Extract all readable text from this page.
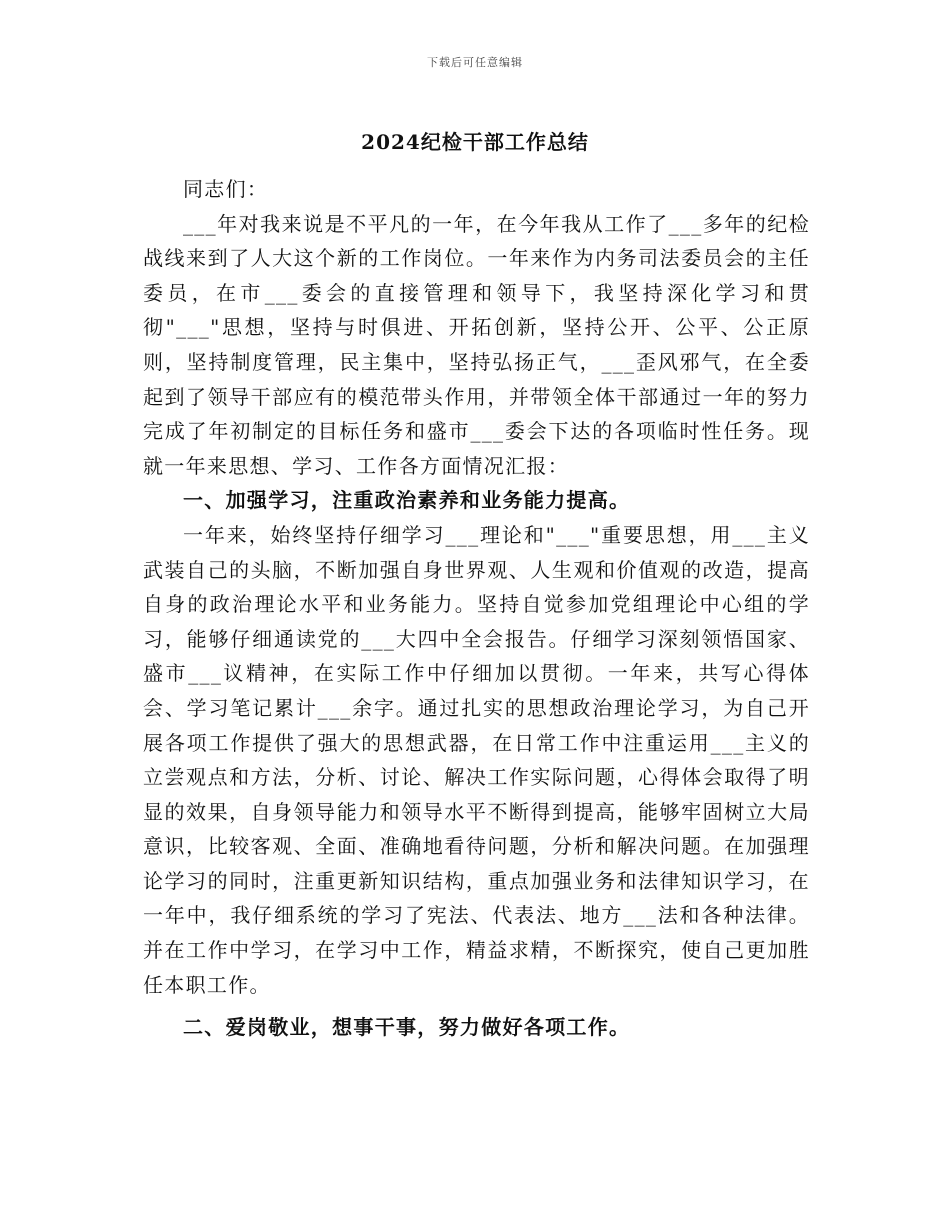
下载后可任意编辑
2024纪检干部工作总结

同志们：

___年对我来说是不平凡的一年，在今年我从工作了___多年的纪检战线来到了人大这个新的工作岗位。一年来作为内务司法委员会的主任委员，在市___委会的直接管理和领导下，我坚持深化学习和贯彻"___"思想，坚持与时俱进、开拓创新，坚持公开、公平、公正原则，坚持制度管理，民主集中，坚持弘扬正气，___歪风邪气，在全委起到了领导干部应有的模范带头作用，并带领全体干部通过一年的努力完成了年初制定的目标任务和盛市___委会下达的各项临时性任务。现就一年来思想、学习、工作各方面情况汇报：

一、加强学习，注重政治素养和业务能力提高。

一年来，始终坚持仔细学习___理论和"___"重要思想，用___主义武装自己的头脑，不断加强自身世界观、人生观和价值观的改造，提高自身的政治理论水平和业务能力。坚持自觉参加党组理论中心组的学习，能够仔细通读党的___大四中全会报告。仔细学习深刻领悟国家、盛市___议精神，在实际工作中仔细加以贯彻。一年来，共写心得体会、学习笔记累计___余字。通过扎实的思想政治理论学习，为自己开展各项工作提供了强大的思想武器，在日常工作中注重运用___主义的立尝观点和方法，分析、讨论、解决工作实际问题，心得体会取得了明显的效果，自身领导能力和领导水平不断得到提高，能够牢固树立大局意识，比较客观、全面、准确地看待问题，分析和解决问题。在加强理论学习的同时，注重更新知识结构，重点加强业务和法律知识学习，在一年中，我仔细系统的学习了宪法、代表法、地方___法和各种法律。并在工作中学习，在学习中工作，精益求精，不断探究，使自己更加胜任本职工作。

二、爱岗敬业，想事干事，努力做好各项工作。
